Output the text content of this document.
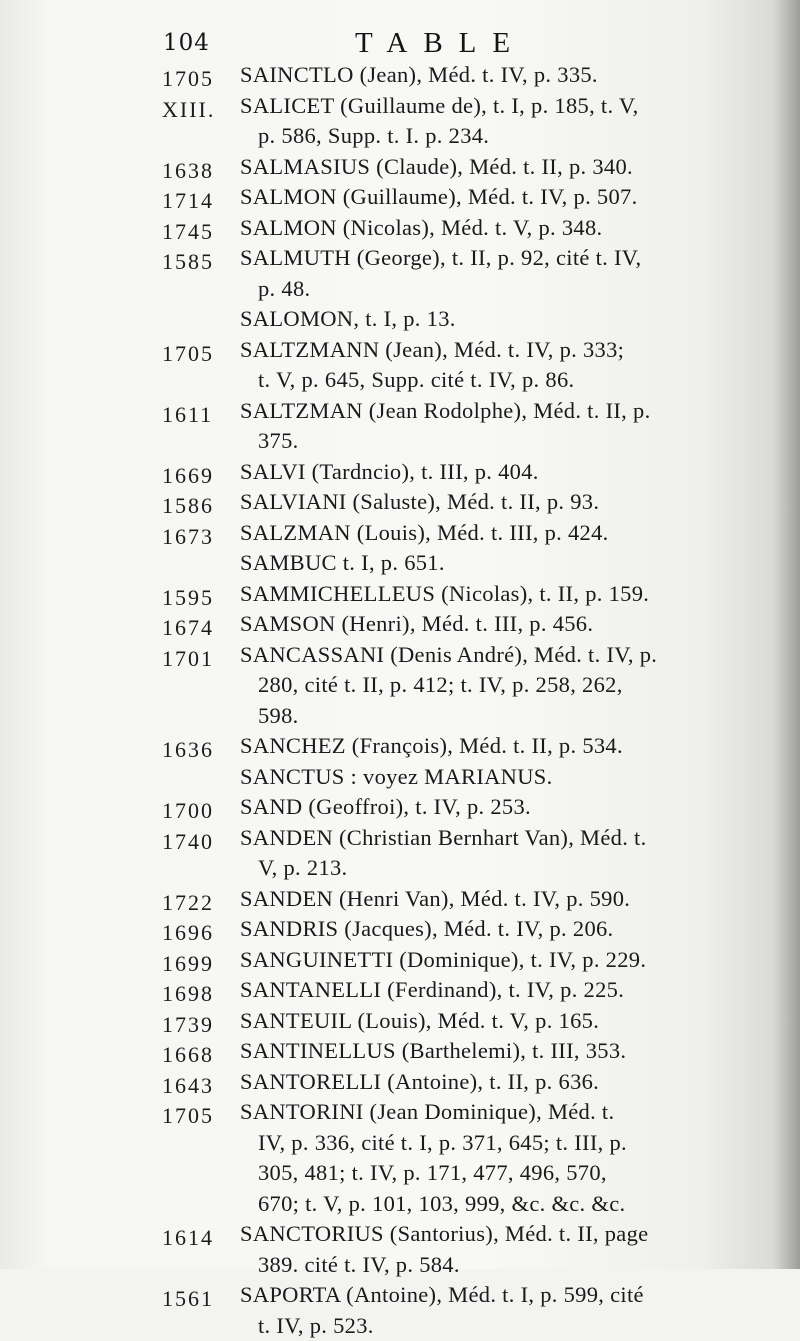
104	TABLE
1705 SAINCTLO (Jean), Méd. t. IV, p. 335.
XIII. SALICET (Guillaume de), t. I, p. 185, t. V,
p. 586, Supp. t. I. p. 234.
1638 SALMASIUS (Claude), Méd. t. II, p. 340.
1714 SALMON (Guillaume), Méd. t. IV, p. 507.
1745 SALMON (Nicolas), Méd. t. V, p. 348.
1585 SALMUTH (George), t. II, p. 92, cité t. IV,
p. 48.
SALOMON, t. I, p. 13.
1705 SALTZMANN (Jean), Méd. t. IV, p. 333;
t. V, p. 645, Supp. cité t. IV, p. 86.
1611 SALTZMAN (Jean Rodolphe), Méd. t. II, p.
375.
1669 SALVI (Tardncio), t. III, p. 404.
1586 SALVIANI (Saluste), Méd. t. II, p. 93.
1673 SALZMAN (Louis), Méd. t. III, p. 424.
SAMBUC t. I, p. 651.
1595 SAMMICHELLEUS (Nicolas), t. II, p. 159.
1674 SAMSON (Henri), Méd. t. III, p. 456.
1701 SANCASSANI (Denis André), Méd. t. IV, p.
280, cité t. II, p. 412; t. IV, p. 258, 262,
598.
1636 SANCHEZ (François), Méd. t. II, p. 534.
SANCTUS : voyez MARIANUS.
1700 SAND (Geoffroi), t. IV, p. 253.
1740 SANDEN (Christian Bernhart Van), Méd. t.
V, p. 213.
1722 SANDEN (Henri Van), Méd. t. IV, p. 590.
1696 SANDRIS (Jacques), Méd. t. IV, p. 206.
1699 SANGUINETTI (Dominique), t. IV, p. 229.
1698 SANTANELLI (Ferdinand), t. IV, p. 225.
1739 SANTEUIL (Louis), Méd. t. V, p. 165.
1668 SANTINELLUS (Barthelemi), t. III, 353.
1643 SANTORELLI (Antoine), t. II, p. 636.
1705 SANTORINI (Jean Dominique), Méd. t.
IV, p. 336, cité t. I, p. 371, 645; t. III, p.
305, 481; t. IV, p. 171, 477, 496, 570,
670; t. V, p. 101, 103, 999, &c. &c. &c.
1614 SANCTORIUS (Santorius), Méd. t. II, page
389. cité t. IV, p. 584.
1561 SAPORTA (Antoine), Méd. t. I, p. 599, cité
t. IV, p. 523.
